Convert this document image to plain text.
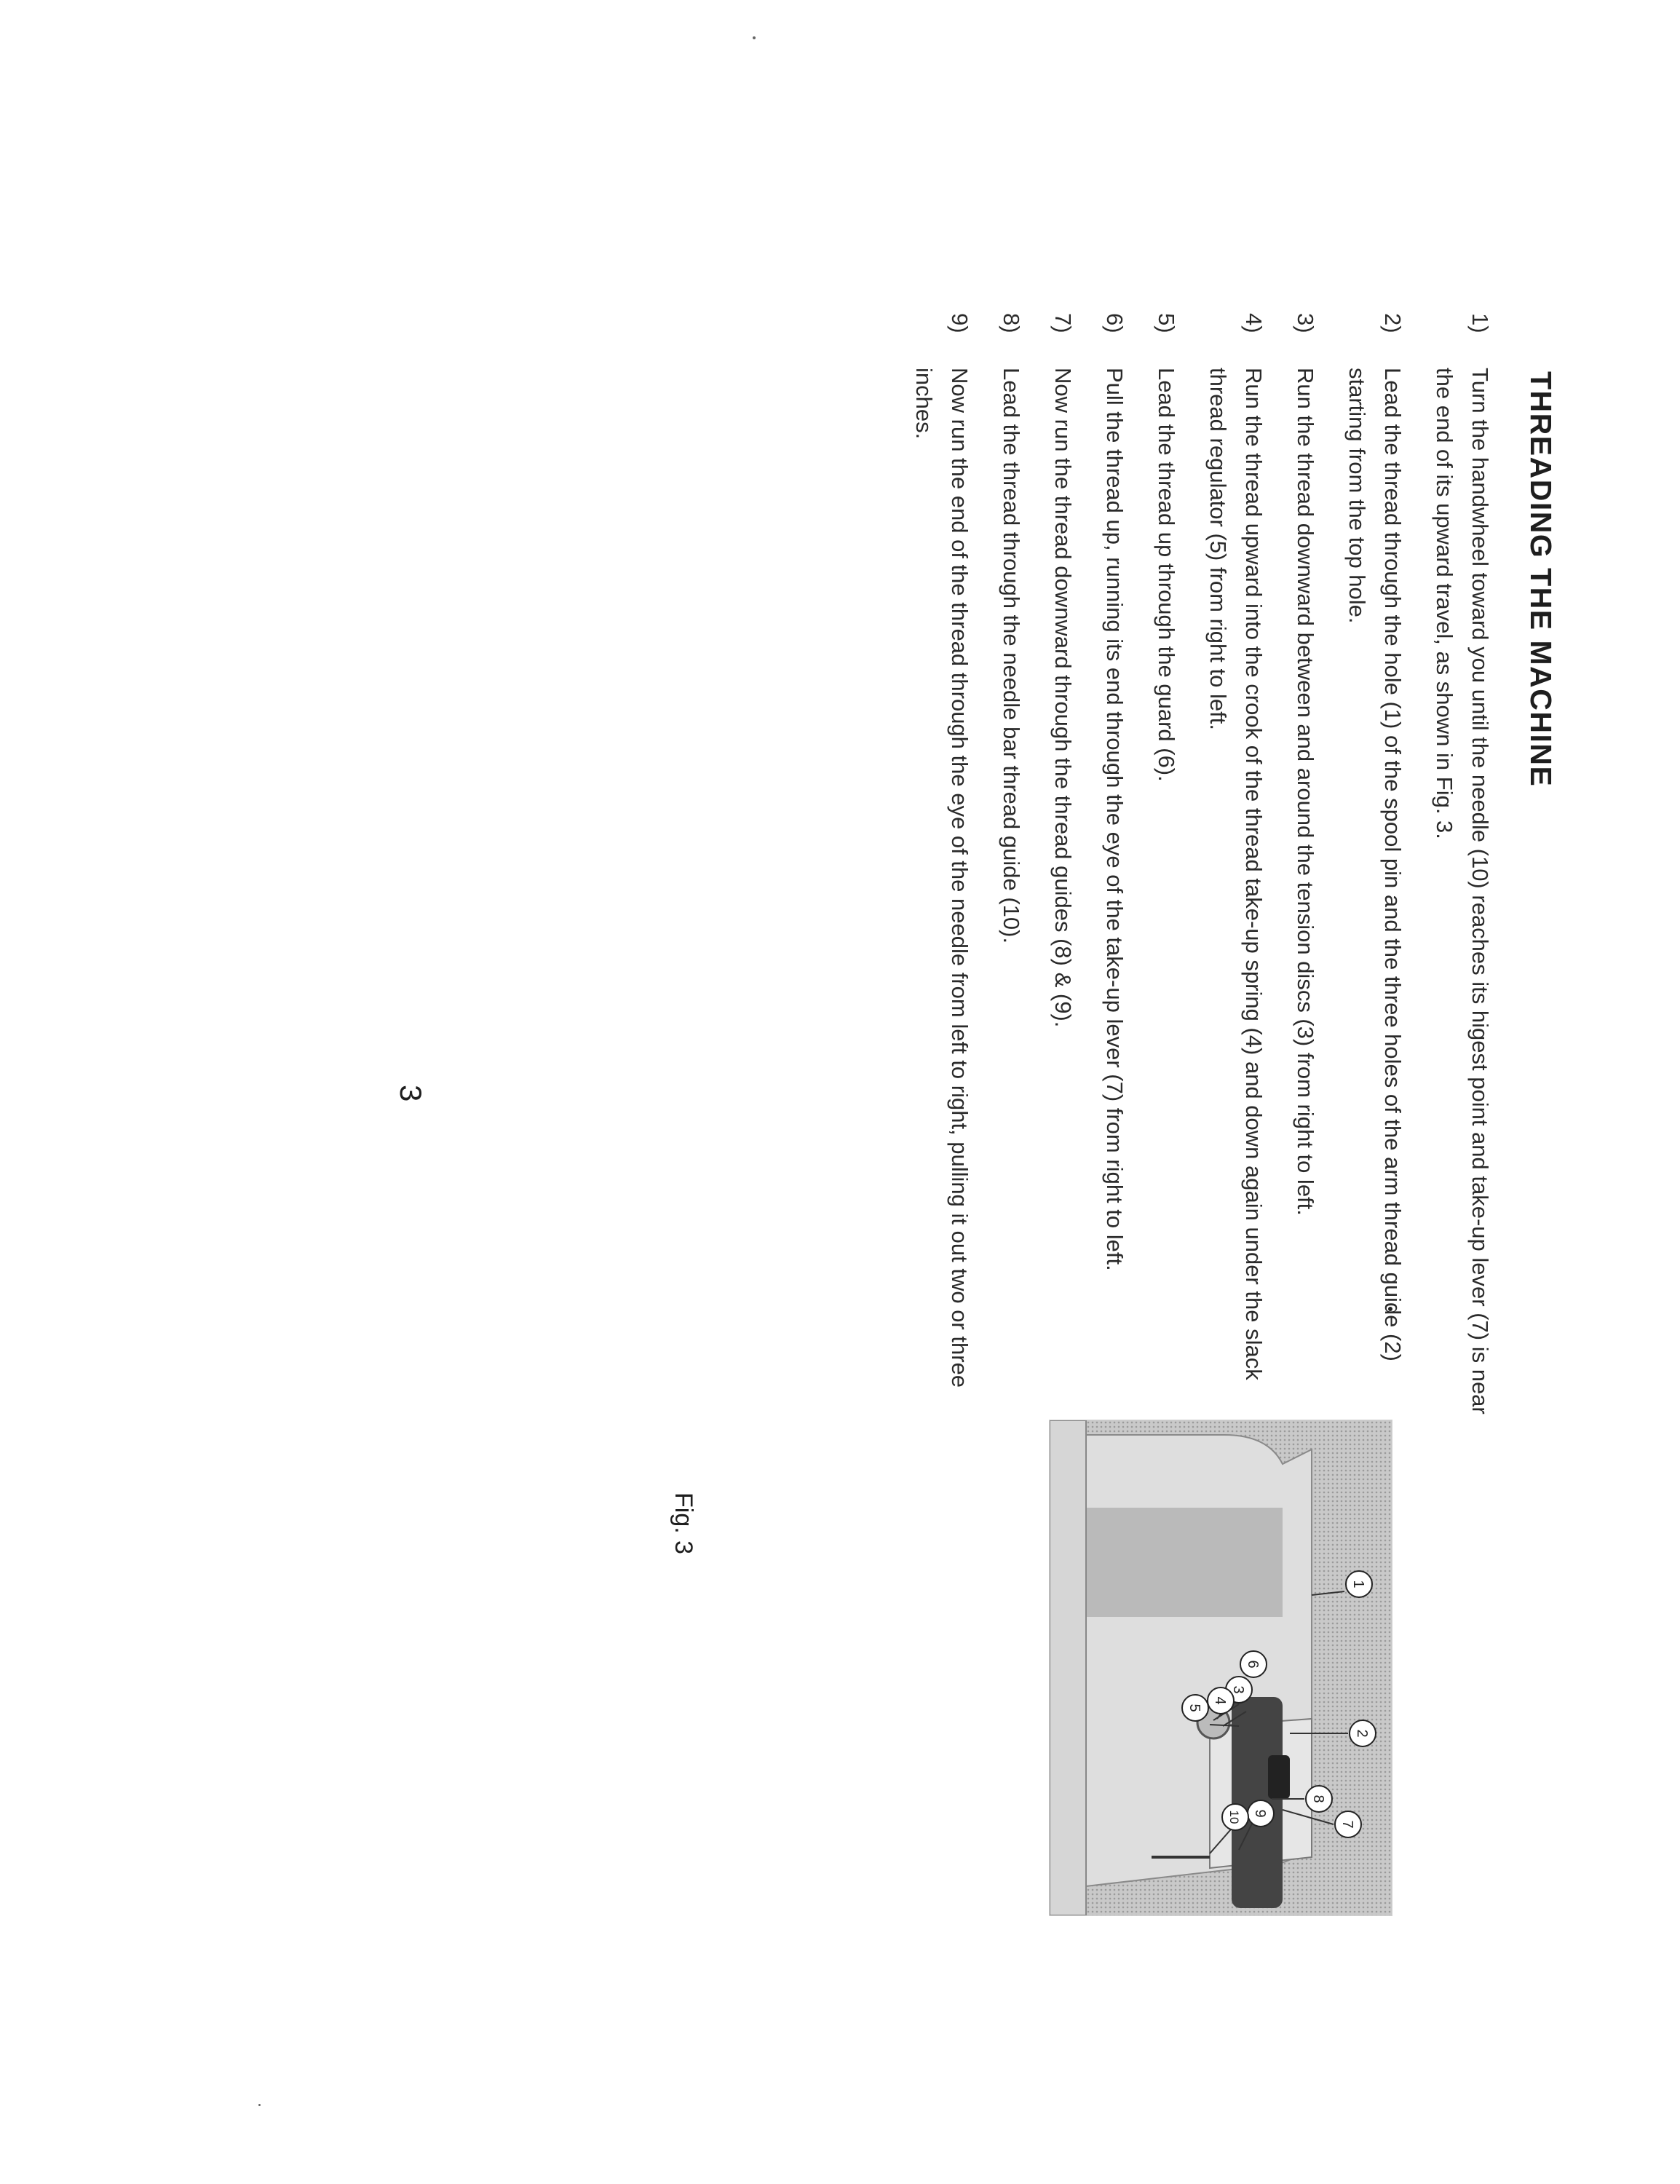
THREADING THE MACHINE
1)
Turn the handwheel toward you until the needle (10) reaches its higest point and take-up lever (7) is near the end of its upward travel, as shown in Fig. 3.
2)
Lead the thread through the hole (1) of the spool pin and the three holes of the arm thread guide (2) starting from the top hole.
3)
Run the thread downward between and around the tension discs (3) from right to left.
4)
Run the thread upward into the crook of the thread take-up spring (4) and down again under the slack thread regulator (5) from right to left.
5)
Lead the thread up through the guard (6).
6)
Pull the thread up, running its end through the eye of the take-up lever (7) from right to left.
7)
Now run the thread downward through the thread guides (8) & (9).
8)
Lead the thread through the needle bar thread guide (10).
9)
Now run the end of the thread through the eye of the needle from left to right, pulling it out two or three inches.
3
Fig. 3
1
2
7
8
9
10
6
3
4
5
